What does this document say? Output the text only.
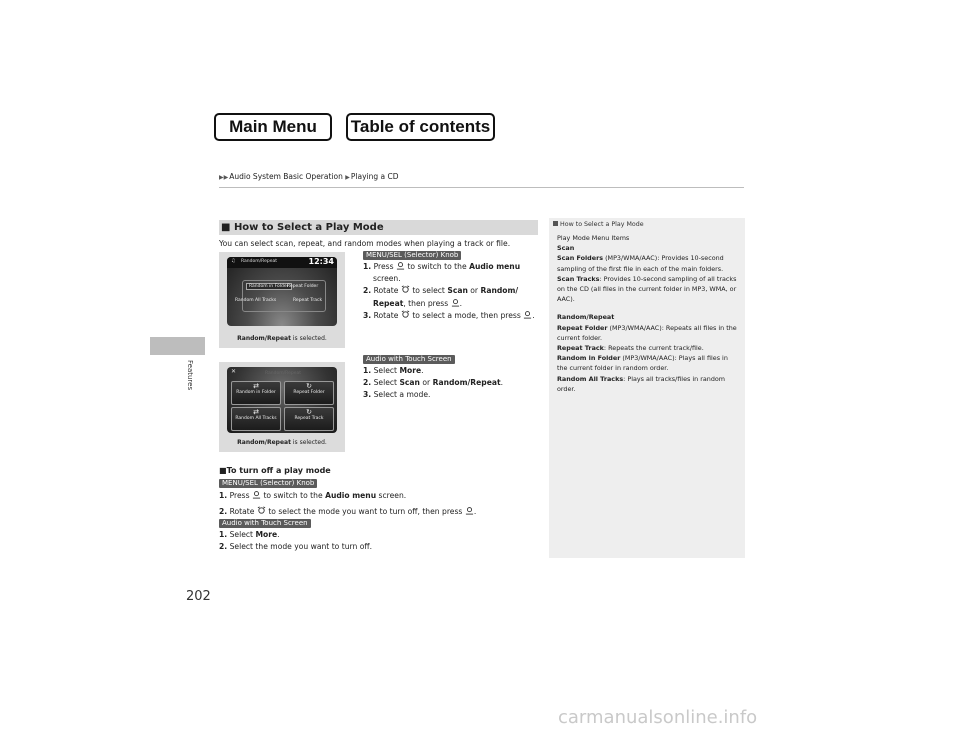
Main Menu	Table of contents
▶▶Audio System Basic Operation ▶Playing a CD
Features
202
■ How to Select a Play Mode
You can select scan, repeat, and random modes when playing a track or file.
♫ Random/Repeat	12:34
Random in Folder
Repeat Folder
Random All Tracks	Repeat Track
Random/Repeat is selected.
MENU/SEL (Selector) Knob
1. Press to switch to the Audio menu
screen.
2. Rotate to select Scan or Random/
Repeat, then press .
3. Rotate to select a mode, then press .
✕	Random/Repeat
⇄
Random in Folder
↻
Repeat Folder
⇄
Random All Tracks
↻
Repeat Track
Random/Repeat is selected.
Audio with Touch Screen
1. Select More.
2. Select Scan or Random/Repeat.
3. Select a mode.
■To turn off a play mode
MENU/SEL (Selector) Knob
1. Press to switch to the Audio menu screen.
2. Rotate to select the mode you want to turn off, then press .
Audio with Touch Screen
1. Select More.
2. Select the mode you want to turn off.
How to Select a Play Mode
Play Mode Menu Items
Scan
Scan Folders (MP3/WMA/AAC): Provides 10-second sampling of the first file in each of the main folders.
Scan Tracks: Provides 10-second sampling of all tracks on the CD (all files in the current folder in MP3, WMA, or AAC).
Random/Repeat
Repeat Folder (MP3/WMA/AAC): Repeats all files in the current folder.
Repeat Track: Repeats the current track/file.
Random in Folder (MP3/WMA/AAC): Plays all files in the current folder in random order.
Random All Tracks: Plays all tracks/files in random order.
carmanualsonline.info
